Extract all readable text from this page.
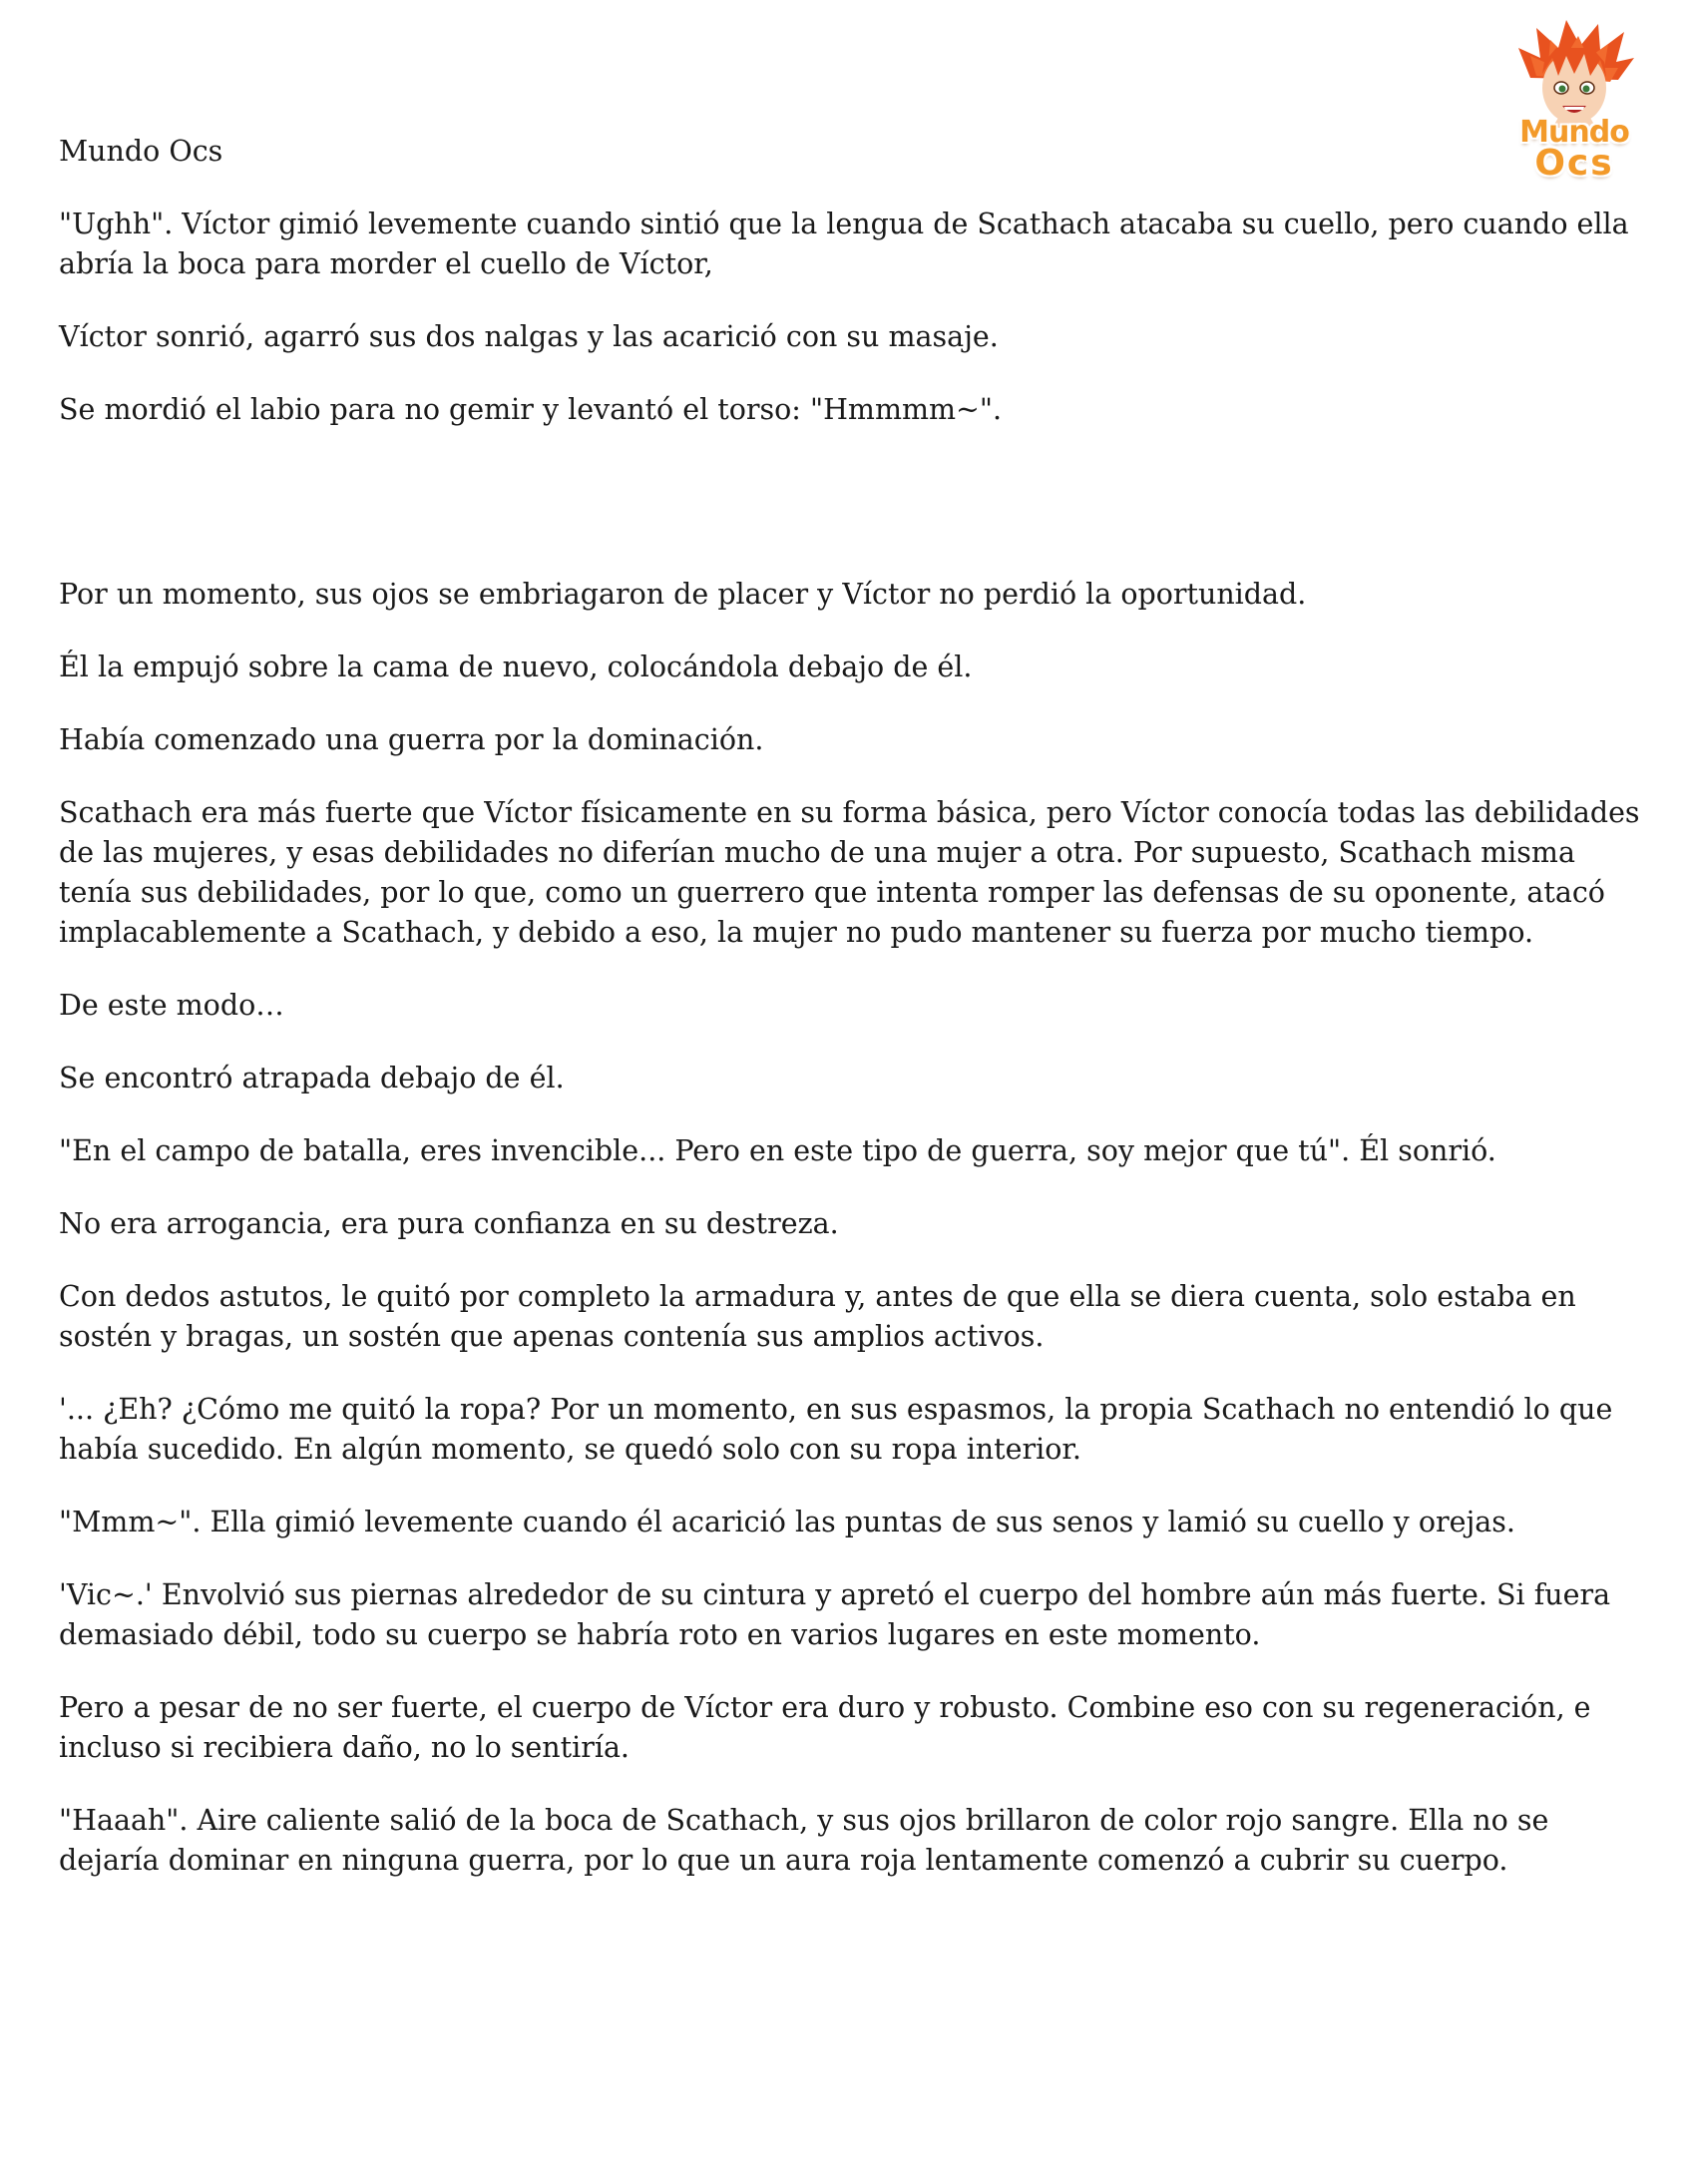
Mundo
Ocs

Mundo Ocs

"Ughh". Víctor gimió levemente cuando sintió que la lengua de Scathach atacaba su cuello, pero cuando ella abría la boca para morder el cuello de Víctor,

Víctor sonrió, agarró sus dos nalgas y las acarició con su masaje.

Se mordió el labio para no gemir y levantó el torso: "Hmmmm~".

Por un momento, sus ojos se embriagaron de placer y Víctor no perdió la oportunidad.

Él la empujó sobre la cama de nuevo, colocándola debajo de él.

Había comenzado una guerra por la dominación.

Scathach era más fuerte que Víctor físicamente en su forma básica, pero Víctor conocía todas las debilidades de las mujeres, y esas debilidades no diferían mucho de una mujer a otra. Por supuesto, Scathach misma tenía sus debilidades, por lo que, como un guerrero que intenta romper las defensas de su oponente, atacó implacablemente a Scathach, y debido a eso, la mujer no pudo mantener su fuerza por mucho tiempo.

De este modo…

Se encontró atrapada debajo de él.

"En el campo de batalla, eres invencible... Pero en este tipo de guerra, soy mejor que tú". Él sonrió.

No era arrogancia, era pura confianza en su destreza.

Con dedos astutos, le quitó por completo la armadura y, antes de que ella se diera cuenta, solo estaba en sostén y bragas, un sostén que apenas contenía sus amplios activos.

'... ¿Eh? ¿Cómo me quitó la ropa? Por un momento, en sus espasmos, la propia Scathach no entendió lo que había sucedido. En algún momento, se quedó solo con su ropa interior.

"Mmm~". Ella gimió levemente cuando él acarició las puntas de sus senos y lamió su cuello y orejas.

'Vic~.' Envolvió sus piernas alrededor de su cintura y apretó el cuerpo del hombre aún más fuerte. Si fuera demasiado débil, todo su cuerpo se habría roto en varios lugares en este momento.

Pero a pesar de no ser fuerte, el cuerpo de Víctor era duro y robusto. Combine eso con su regeneración, e incluso si recibiera daño, no lo sentiría.

"Haaah". Aire caliente salió de la boca de Scathach, y sus ojos brillaron de color rojo sangre. Ella no se dejaría dominar en ninguna guerra, por lo que un aura roja lentamente comenzó a cubrir su cuerpo.
